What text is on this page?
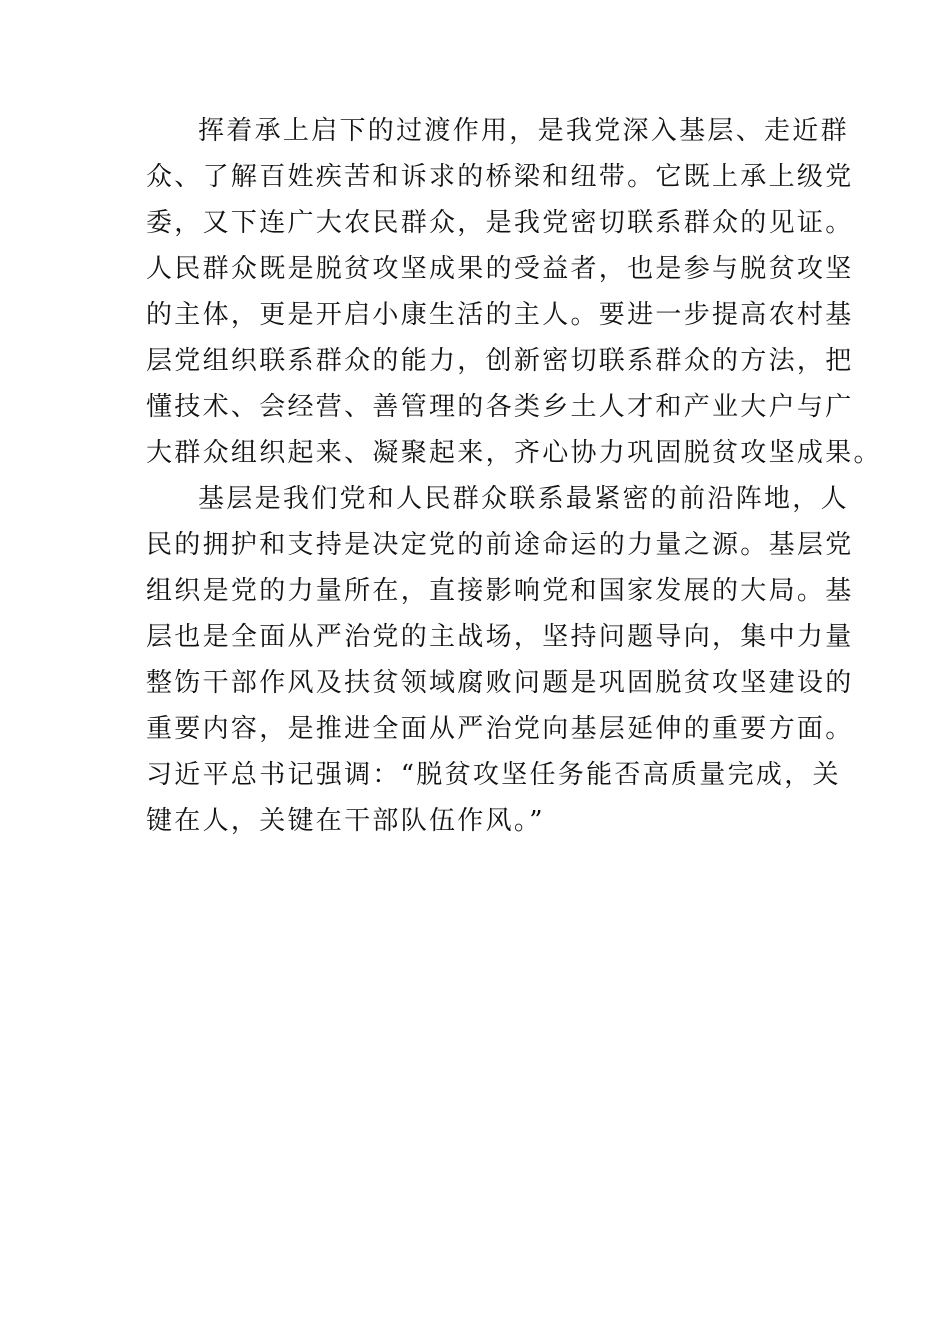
挥着承上启下的过渡作用，是我党深入基层、走近群
众、了解百姓疾苦和诉求的桥梁和纽带。它既上承上级党
委，又下连广大农民群众，是我党密切联系群众的见证。
人民群众既是脱贫攻坚成果的受益者，也是参与脱贫攻坚
的主体，更是开启小康生活的主人。要进一步提高农村基
层党组织联系群众的能力，创新密切联系群众的方法，把
懂技术、会经营、善管理的各类乡土人才和产业大户与广
大群众组织起来、凝聚起来，齐心协力巩固脱贫攻坚成果。
基层是我们党和人民群众联系最紧密的前沿阵地，人
民的拥护和支持是决定党的前途命运的力量之源。基层党
组织是党的力量所在，直接影响党和国家发展的大局。基
层也是全面从严治党的主战场，坚持问题导向，集中力量
整饬干部作风及扶贫领域腐败问题是巩固脱贫攻坚建设的
重要内容，是推进全面从严治党向基层延伸的重要方面。
习近平总书记强调：“脱贫攻坚任务能否高质量完成，关
键在人，关键在干部队伍作风。”
